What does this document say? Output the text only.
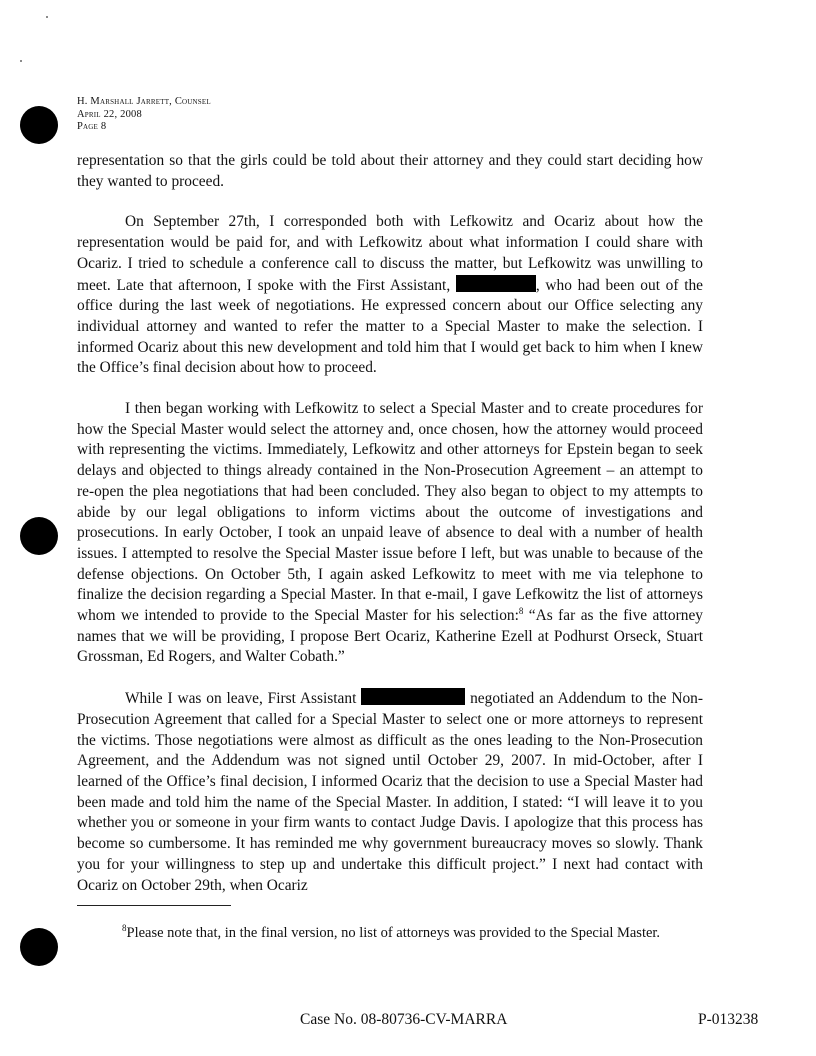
H. Marshall Jarrett, Counsel
April 22, 2008
Page 8

representation so that the girls could be told about their attorney and they could start deciding how they wanted to proceed.

On September 27th, I corresponded both with Lefkowitz and Ocariz about how the representation would be paid for, and with Lefkowitz about what information I could share with Ocariz. I tried to schedule a conference call to discuss the matter, but Lefkowitz was unwilling to meet. Late that afternoon, I spoke with the First Assistant,	, who had been out of the office during the last week of negotiations. He expressed concern about our Office selecting any individual attorney and wanted to refer the matter to a Special Master to make the selection. I informed Ocariz about this new development and told him that I would get back to him when I knew the Office’s final decision about how to proceed.

I then began working with Lefkowitz to select a Special Master and to create procedures for how the Special Master would select the attorney and, once chosen, how the attorney would proceed with representing the victims. Immediately, Lefkowitz and other attorneys for Epstein began to seek delays and objected to things already contained in the Non-Prosecution Agreement – an attempt to re-open the plea negotiations that had been concluded. They also began to object to my attempts to abide by our legal obligations to inform victims about the outcome of investigations and prosecutions. In early October, I took an unpaid leave of absence to deal with a number of health issues. I attempted to resolve the Special Master issue before I left, but was unable to because of the defense objections. On October 5th, I again asked Lefkowitz to meet with me via telephone to finalize the decision regarding a Special Master. In that e-mail, I gave Lefkowitz the list of attorneys whom we intended to provide to the Special Master for his selection:$^8$ “As far as the five attorney names that we will be providing, I propose Bert Ocariz, Katherine Ezell at Podhurst Orseck, Stuart Grossman, Ed Rogers, and Walter Cobath.”

While I was on leave, First Assistant	negotiated an Addendum to the Non-Prosecution Agreement that called for a Special Master to select one or more attorneys to represent the victims. Those negotiations were almost as difficult as the ones leading to the Non-Prosecution Agreement, and the Addendum was not signed until October 29, 2007. In mid-October, after I learned of the Office’s final decision, I informed Ocariz that the decision to use a Special Master had been made and told him the name of the Special Master. In addition, I stated: “I will leave it to you whether you or someone in your firm wants to contact Judge Davis. I apologize that this process has become so cumbersome. It has reminded me why government bureaucracy moves so slowly. Thank you for your willingness to step up and undertake this difficult project.” I next had contact with Ocariz on October 29th, when Ocariz

$^8$Please note that, in the final version, no list of attorneys was provided to the Special Master.
Case No. 08-80736-CV-MARRA	P-013238
